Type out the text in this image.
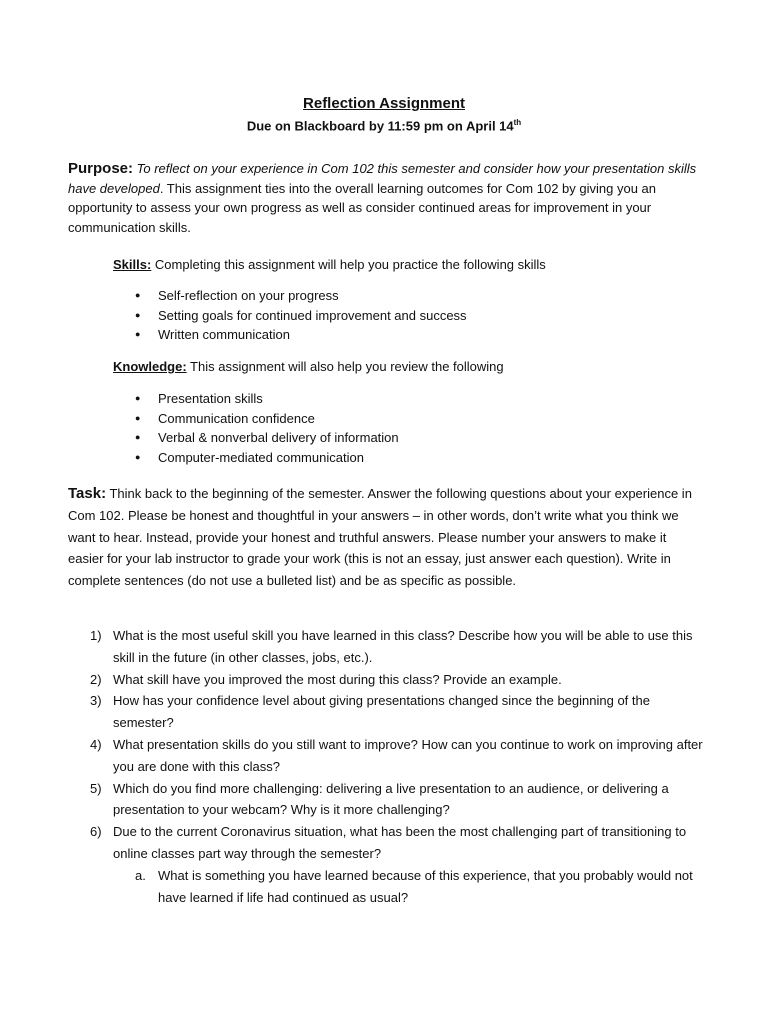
Reflection Assignment
Due on Blackboard by 11:59 pm on April 14th
Purpose: To reflect on your experience in Com 102 this semester and consider how your presentation skills have developed. This assignment ties into the overall learning outcomes for Com 102 by giving you an opportunity to assess your own progress as well as consider continued areas for improvement in your communication skills.
Skills: Completing this assignment will help you practice the following skills
● Self-reflection on your progress
● Setting goals for continued improvement and success
● Written communication
Knowledge: This assignment will also help you review the following
● Presentation skills
● Communication confidence
● Verbal & nonverbal delivery of information
● Computer-mediated communication
Task: Think back to the beginning of the semester. Answer the following questions about your experience in Com 102. Please be honest and thoughtful in your answers – in other words, don’t write what you think we want to hear. Instead, provide your honest and truthful answers. Please number your answers to make it easier for your lab instructor to grade your work (this is not an essay, just answer each question). Write in complete sentences (do not use a bulleted list) and be as specific as possible.
1) What is the most useful skill you have learned in this class? Describe how you will be able to use this skill in the future (in other classes, jobs, etc.).
2) What skill have you improved the most during this class? Provide an example.
3) How has your confidence level about giving presentations changed since the beginning of the semester?
4) What presentation skills do you still want to improve? How can you continue to work on improving after you are done with this class?
5) Which do you find more challenging: delivering a live presentation to an audience, or delivering a presentation to your webcam? Why is it more challenging?
6) Due to the current Coronavirus situation, what has been the most challenging part of transitioning to online classes part way through the semester?
a. What is something you have learned because of this experience, that you probably would not have learned if life had continued as usual?
